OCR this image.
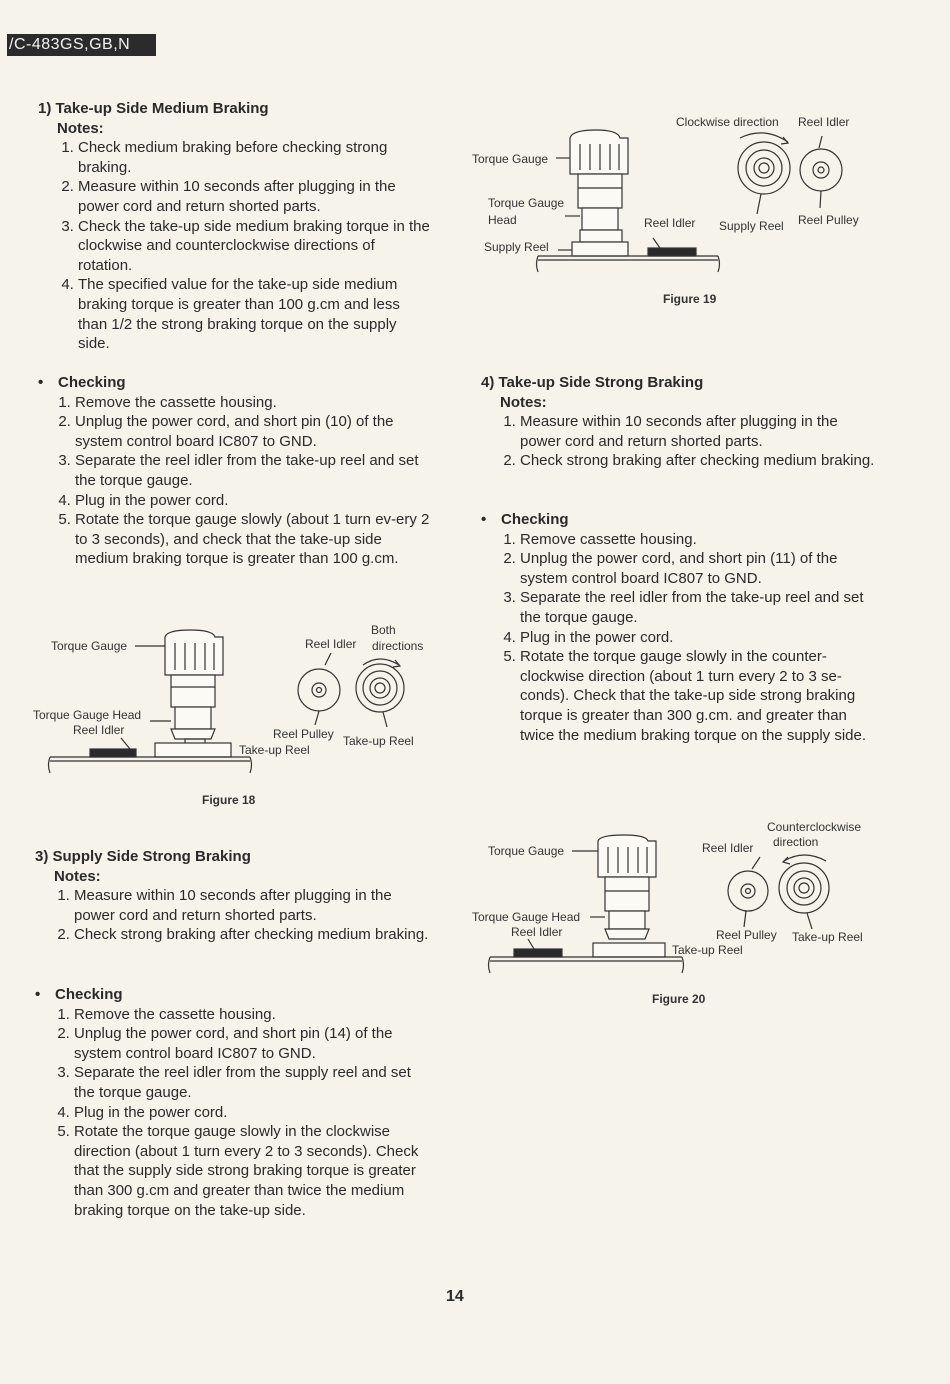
/C-483GS,GB,N
1) Take-up Side Medium Braking
Notes:
1. Check medium braking before checking strong braking.
2. Measure within 10 seconds after plugging in the power cord and return shorted parts.
3. Check the take-up side medium braking torque in the clockwise and counterclockwise directions of rotation.
4. The specified value for the take-up side medium braking torque is greater than 100 g.cm and less than 1/2 the strong braking torque on the supply side.
• Checking
1. Remove the cassette housing.
2. Unplug the power cord, and short pin (10) of the system control board IC807 to GND.
3. Separate the reel idler from the take-up reel and set the torque gauge.
4. Plug in the power cord.
5. Rotate the torque gauge slowly (about 1 turn ev-ery 2 to 3 seconds), and check that the take-up side medium braking torque is greater than 100 g.cm.
Torque Gauge
Torque Gauge Head
Reel Idler
Reel Idler
Both
directions
Reel Pulley Take-up Reel
Take-up Reel
Figure 18
3) Supply Side Strong Braking
Notes:
1. Measure within 10 seconds after plugging in the power cord and return shorted parts.
2. Check strong braking after checking medium braking.
• Checking
1. Remove the cassette housing.
2. Unplug the power cord, and short pin (14) of the system control board IC807 to GND.
3. Separate the reel idler from the supply reel and set the torque gauge.
4. Plug in the power cord.
5. Rotate the torque gauge slowly in the clockwise direction (about 1 turn every 2 to 3 seconds). Check that the supply side strong braking torque is greater than 300 g.cm and greater than twice the medium braking torque on the take-up side.
Torque Gauge
Torque Gauge
Head
Supply Reel
Clockwise direction Reel Idler
Reel Idler Supply Reel Reel Pulley
Figure 19
4) Take-up Side Strong Braking
Notes:
1. Measure within 10 seconds after plugging in the power cord and return shorted parts.
2. Check strong braking after checking medium braking.
• Checking
1. Remove cassette housing.
2. Unplug the power cord, and short pin (11) of the system control board IC807 to GND.
3. Separate the reel idler from the take-up reel and set the torque gauge.
4. Plug in the power cord.
5. Rotate the torque gauge slowly in the counter-clockwise direction (about 1 turn every 2 to 3 se-conds). Check that the take-up side strong braking torque is greater than 300 g.cm. and greater than twice the medium braking torque on the supply side.
Torque Gauge
Torque Gauge Head
Reel Idler
Counterclockwise
direction
Reel Idler
Reel Pulley Take-up Reel
Take-up Reel
Figure 20
14
